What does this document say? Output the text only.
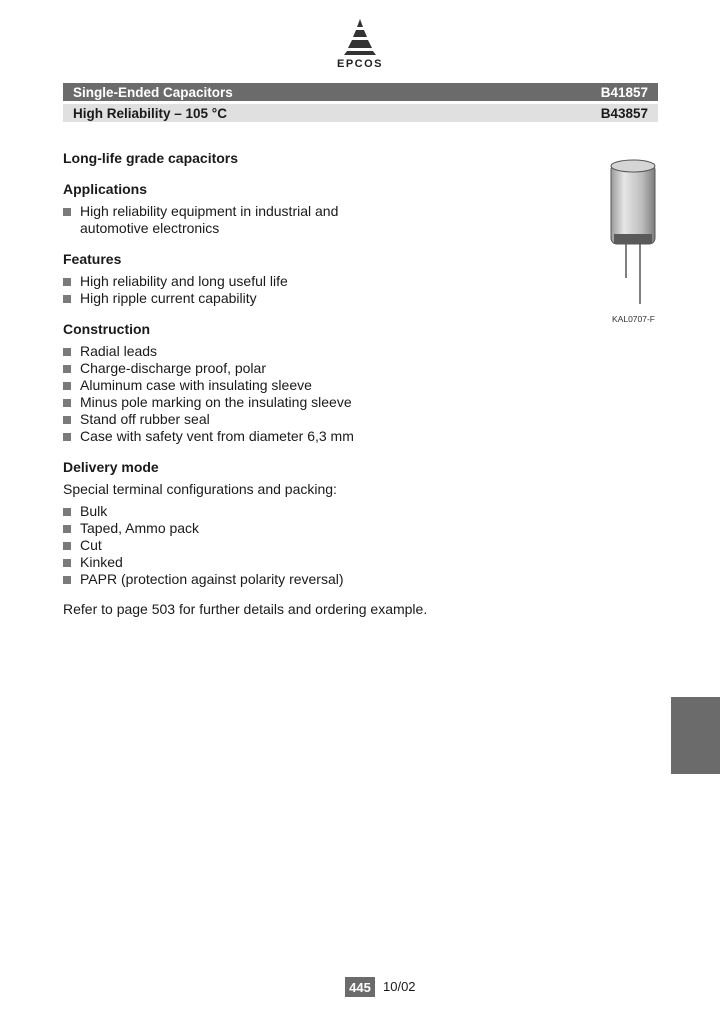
EPCOS
Single-Ended Capacitors	B41857
High Reliability – 105 °C	B43857
Long-life grade capacitors
Applications
High reliability equipment in industrial and automotive electronics
Features
High reliability and long useful life
High ripple current capability
Construction
Radial leads
Charge-discharge proof, polar
Aluminum case with insulating sleeve
Minus pole marking on the insulating sleeve
Stand off rubber seal
Case with safety vent from diameter 6,3 mm
Delivery mode

Special terminal configurations and packing:

Bulk
Taped, Ammo pack
Cut
Kinked
PAPR (protection against polarity reversal)

Refer to page 503 for further details and ordering example.

KAL0707-F
445 10/02
